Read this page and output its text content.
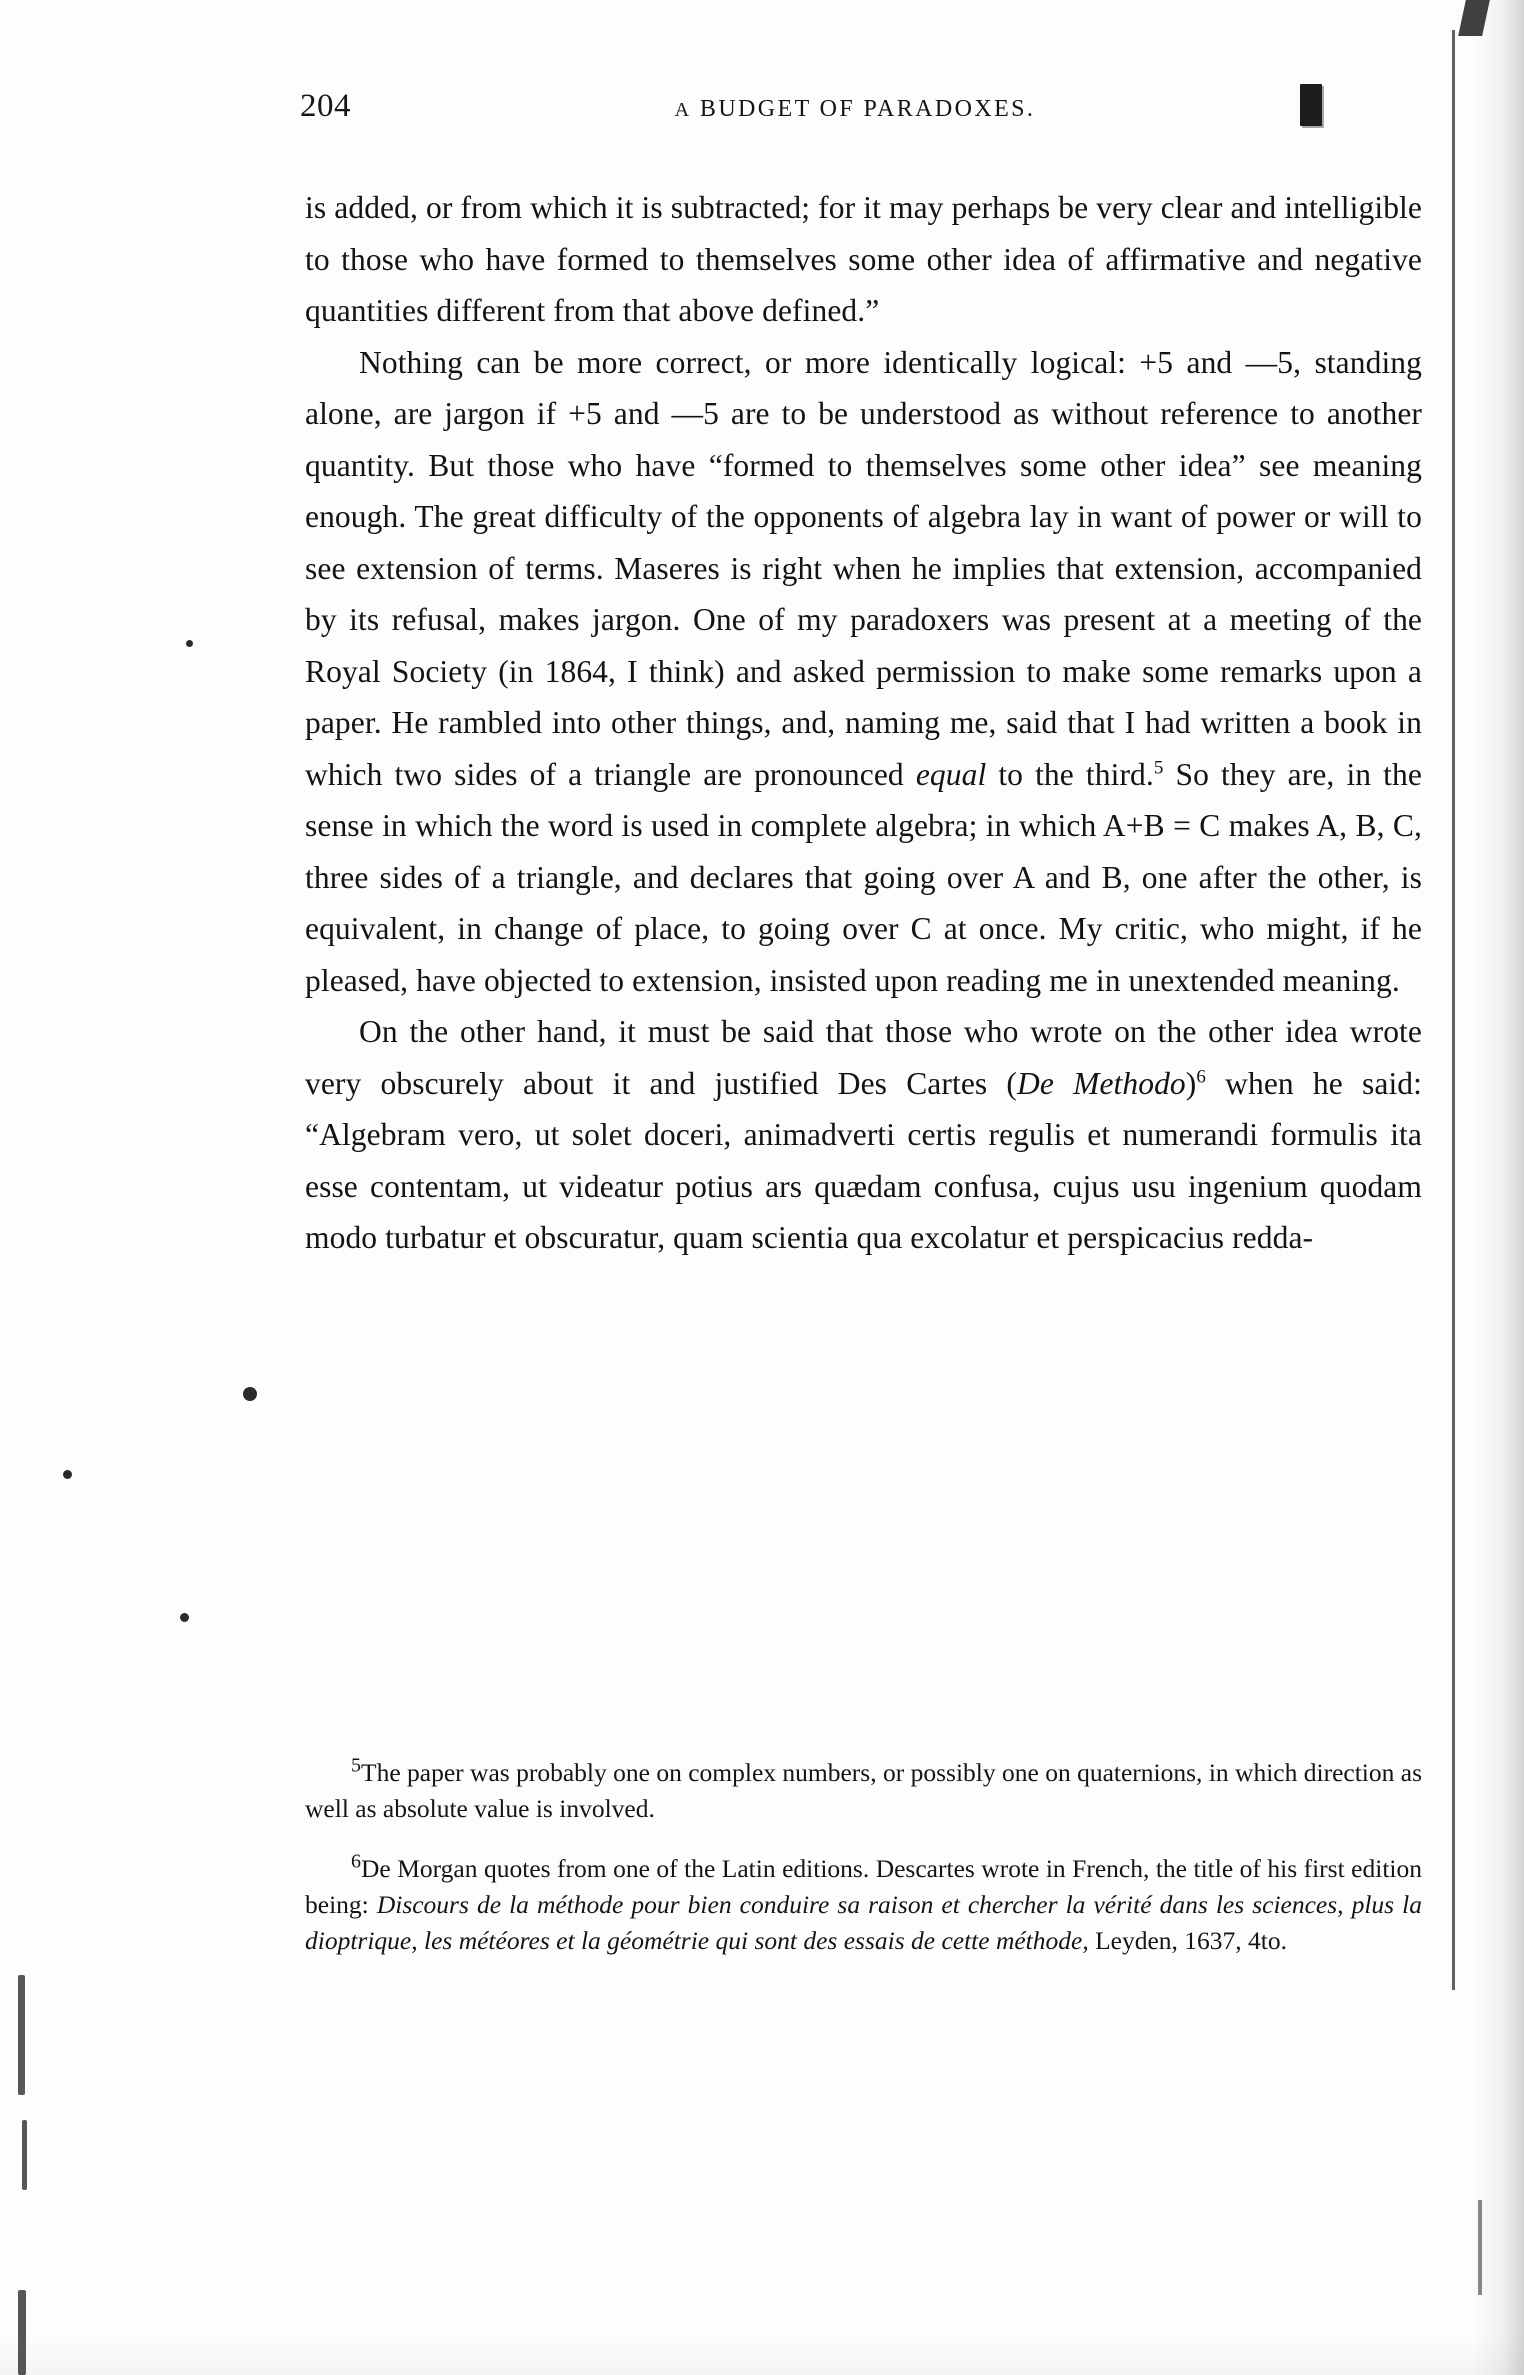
204	A BUDGET OF PARADOXES.

is added, or from which it is subtracted; for it may perhaps be very clear and intelligible to those who have formed to themselves some other idea of affirmative and negative quantities different from that above defined.”

Nothing can be more correct, or more identically logical: +5 and —5, standing alone, are jargon if +5 and —5 are to be understood as without reference to another quantity. But those who have “formed to themselves some other idea” see meaning enough. The great difficulty of the opponents of algebra lay in want of power or will to see extension of terms. Maseres is right when he implies that extension, accompanied by its refusal, makes jargon. One of my paradoxers was present at a meeting of the Royal Society (in 1864, I think) and asked permission to make some remarks upon a paper. He rambled into other things, and, naming me, said that I had written a book in which two sides of a triangle are pronounced equal to the third.$^5$ So they are, in the sense in which the word is used in complete algebra; in which A+B = C makes A, B, C, three sides of a triangle, and declares that going over A and B, one after the other, is equivalent, in change of place, to going over C at once. My critic, who might, if he pleased, have objected to extension, insisted upon reading me in unextended meaning.

On the other hand, it must be said that those who wrote on the other idea wrote very obscurely about it and justified Des Cartes (De Methodo)$^6$ when he said: “Algebram vero, ut solet doceri, animadverti certis regulis et numerandi formulis ita esse contentam, ut videatur potius ars quædam confusa, cujus usu ingenium quodam modo turbatur et obscuratur, quam scientia qua excolatur et perspicacius redda-

$^5$The paper was probably one on complex numbers, or possibly one on quaternions, in which direction as well as absolute value is involved.

$^6$De Morgan quotes from one of the Latin editions. Descartes wrote in French, the title of his first edition being: Discours de la méthode pour bien conduire sa raison et chercher la vérité dans les sciences, plus la dioptrique, les météores et la géométrie qui sont des essais de cette méthode, Leyden, 1637, 4to.
